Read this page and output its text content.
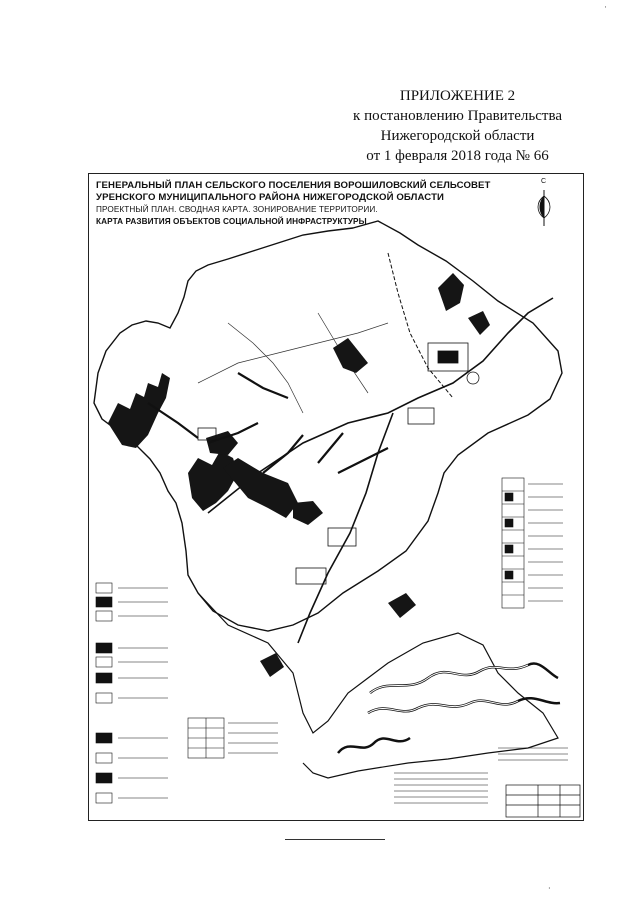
·
ПРИЛОЖЕНИЕ 2
к постановлению Правительства
Нижегородской области
от 1 февраля 2018 года № 66
ГЕНЕРАЛЬНЫЙ ПЛАН СЕЛЬСКОГО ПОСЕЛЕНИЯ ВОРОШИЛОВСКИЙ СЕЛЬСОВЕТ
УРЕНСКОГО МУНИЦИПАЛЬНОГО РАЙОНА НИЖЕГОРОДСКОЙ ОБЛАСТИ
ПРОЕКТНЫЙ ПЛАН. СВОДНАЯ КАРТА. ЗОНИРОВАНИЕ ТЕРРИТОРИИ.
КАРТА РАЗВИТИЯ ОБЪЕКТОВ СОЦИАЛЬНОЙ ИНФРАСТРУКТУРЫ
С
·
